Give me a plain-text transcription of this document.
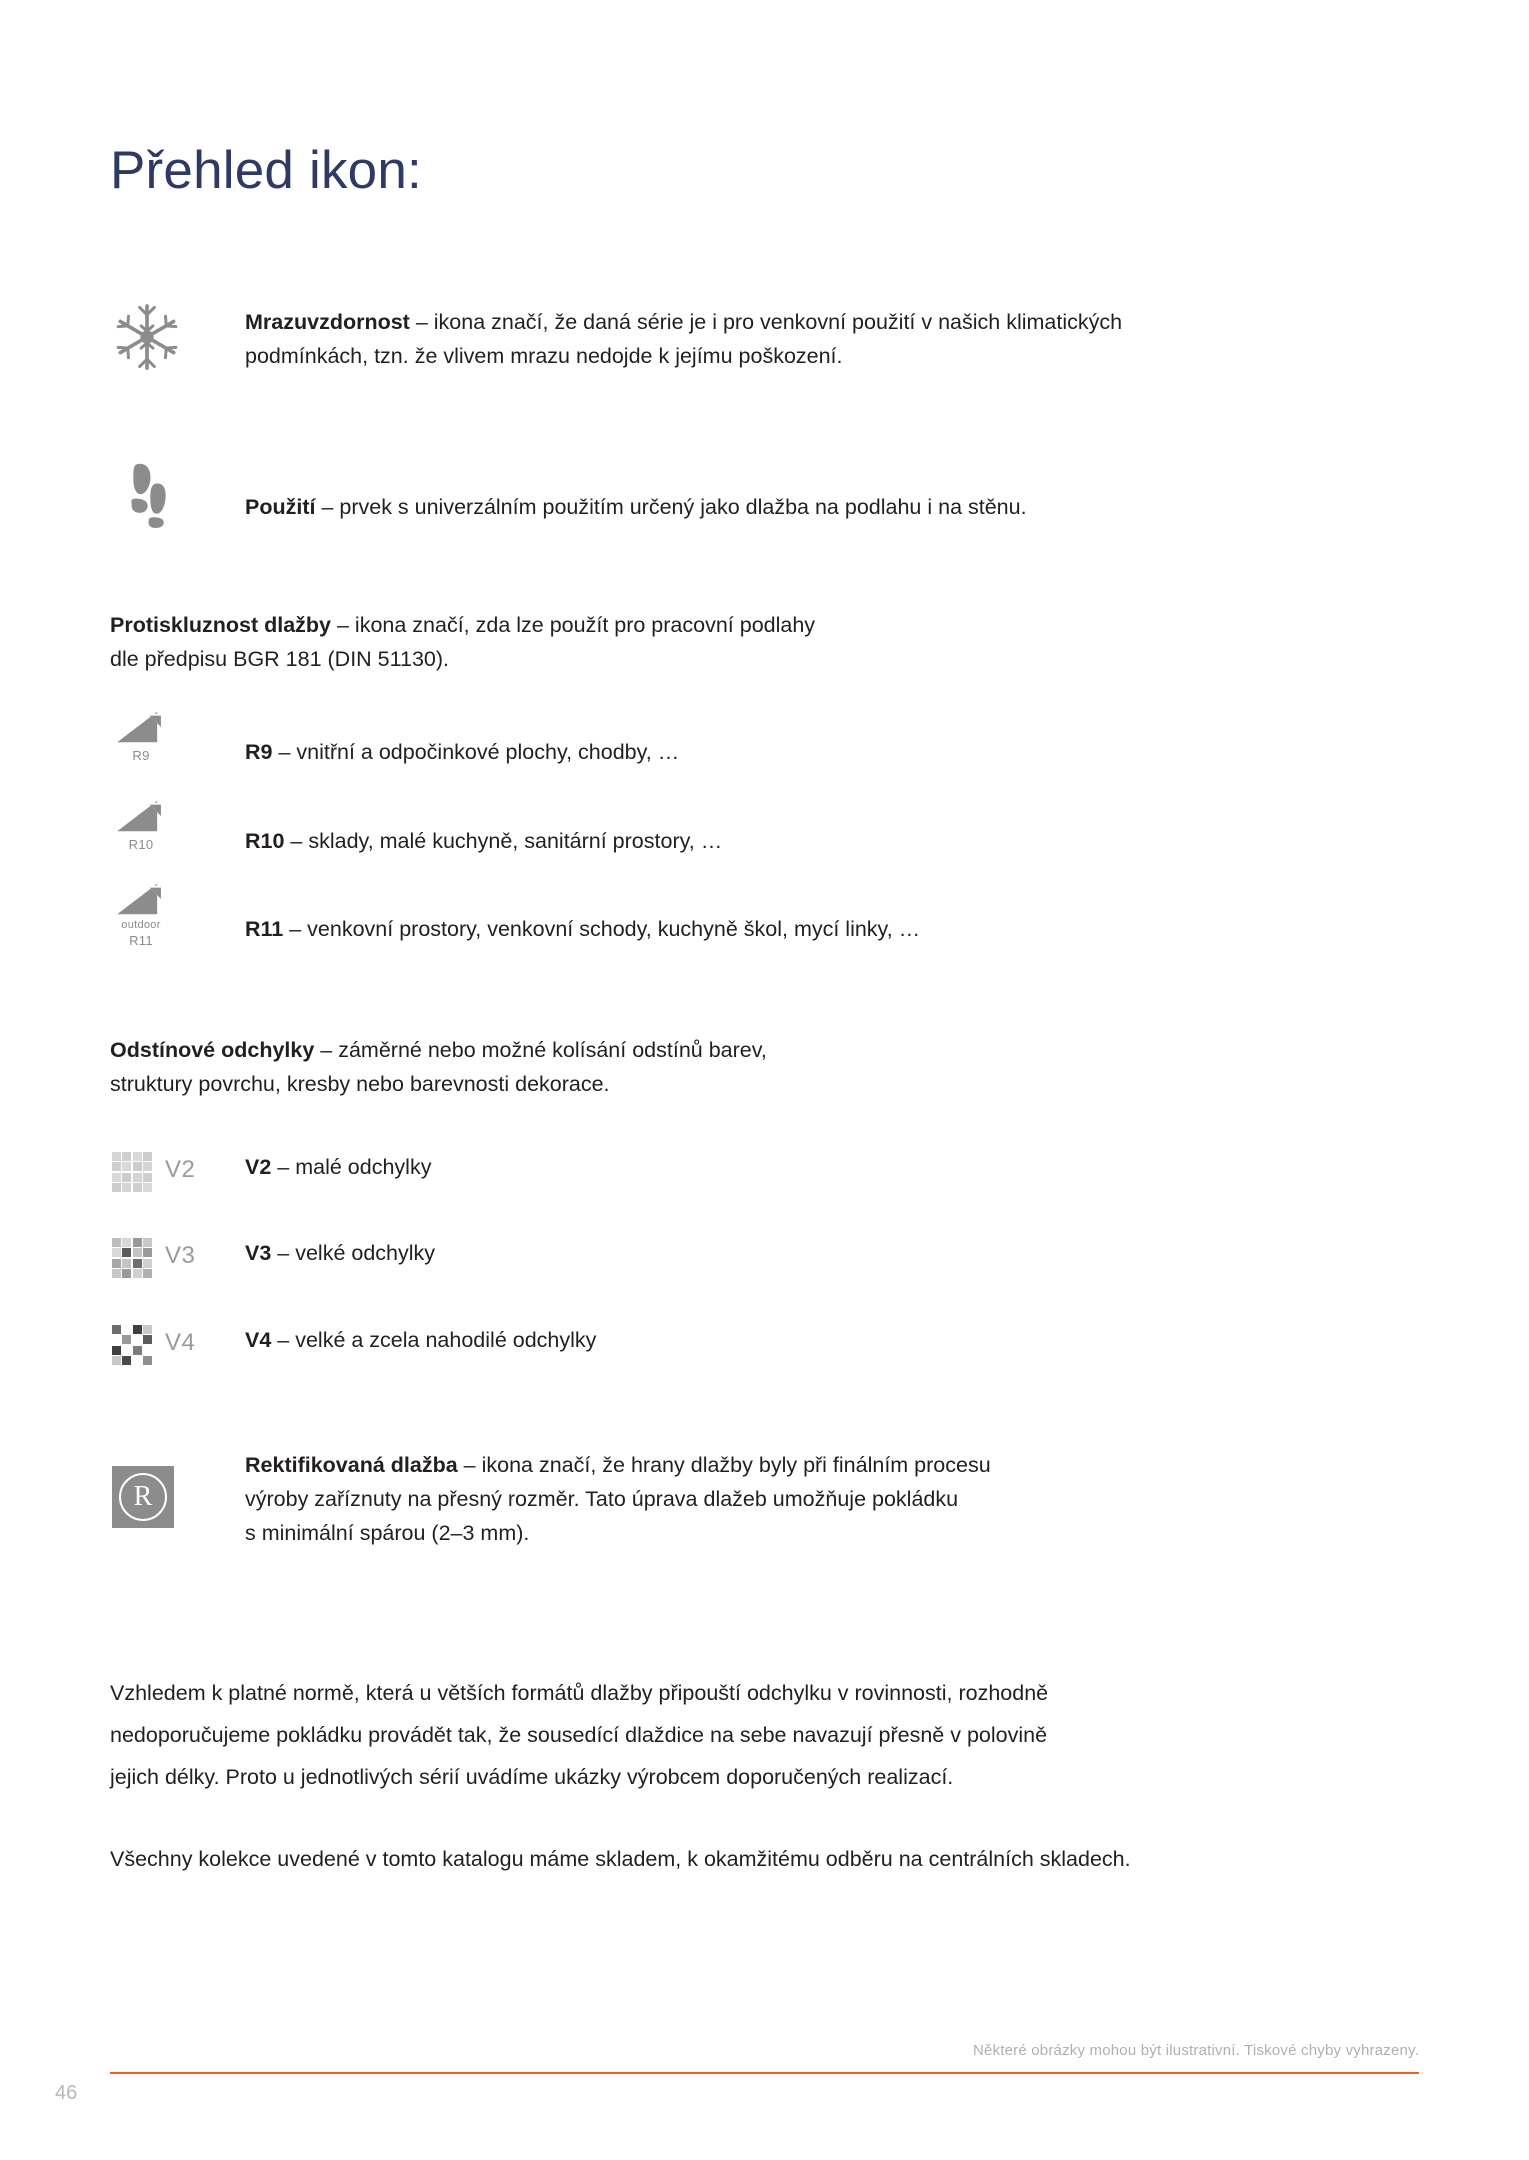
Přehled ikon:
Mrazuvzdornost – ikona značí, že daná série je i pro venkovní použití v našich klimatických
podmínkách, tzn. že vlivem mrazu nedojde k jejímu poškození.
Použití – prvek s univerzálním použitím určený jako dlažba na podlahu i na stěnu.
Protiskluznost dlažby – ikona značí, zda lze použít pro pracovní podlahy
dle předpisu BGR 181 (DIN 51130).
R9	R9 – vnitřní a odpočinkové plochy, chodby, …
R10	R10 – sklady, malé kuchyně, sanitární prostory, …
outdoor
R11	R11 – venkovní prostory, venkovní schody, kuchyně škol, mycí linky, …
Odstínové odchylky – záměrné nebo možné kolísání odstínů barev,
struktury povrchu, kresby nebo barevnosti dekorace.
V2 V2 – malé odchylky
V3 V3 – velké odchylky
V4 V4 – velké a zcela nahodilé odchylky
R
Rektifikovaná dlažba – ikona značí, že hrany dlažby byly při finálním procesu
výroby zaříznuty na přesný rozměr. Tato úprava dlažeb umožňuje pokládku
s minimální spárou (2–3 mm).
Vzhledem k platné normě, která u větších formátů dlažby připouští odchylku v rovinnosti, rozhodně
nedoporučujeme pokládku provádět tak, že sousedící dlaždice na sebe navazují přesně v polovině
jejich délky. Proto u jednotlivých sérií uvádíme ukázky výrobcem doporučených realizací.
Všechny kolekce uvedené v tomto katalogu máme skladem, k okamžitému odběru na centrálních skladech.
Některé obrázky mohou být ilustrativní. Tiskové chyby vyhrazeny.
46
